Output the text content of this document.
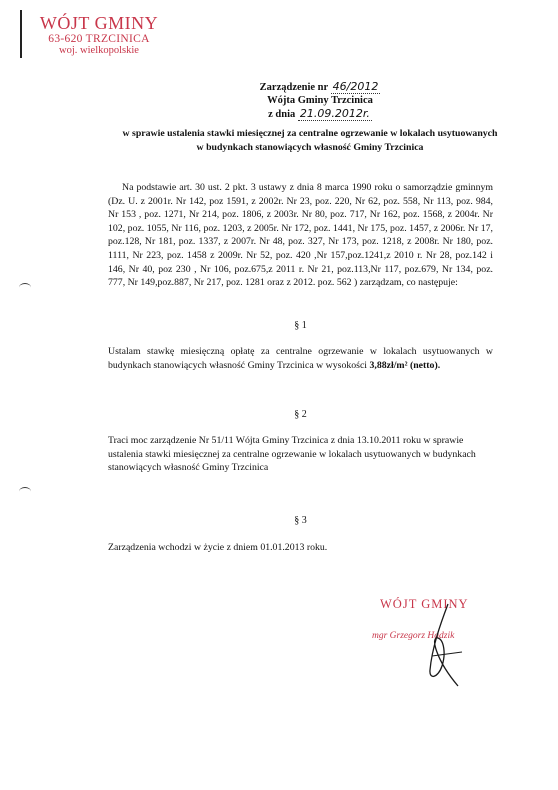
WÓJT GMINY
63-620 TRZCINICA
woj. wielkopolskie
Zarządzenie nr 46/2012
Wójta Gminy Trzcinica
z dnia 21.09.2012r.
w sprawie ustalenia stawki miesięcznej za centralne ogrzewanie w lokalach usytuowanych w budynkach stanowiących własność Gminy Trzcinica
Na podstawie art. 30 ust. 2 pkt. 3 ustawy z dnia 8 marca 1990 roku o samorządzie gminnym (Dz. U. z 2001r. Nr 142, poz 1591, z 2002r. Nr 23, poz. 220, Nr 62, poz. 558, Nr 113, poz. 984, Nr 153 , poz. 1271, Nr 214, poz. 1806, z 2003r. Nr 80, poz. 717, Nr 162, poz. 1568, z 2004r. Nr 102, poz. 1055, Nr 116, poz. 1203, z 2005r. Nr 172, poz. 1441, Nr 175, poz. 1457, z 2006r. Nr 17, poz.128, Nr 181, poz. 1337, z 2007r. Nr 48, poz. 327, Nr 173, poz. 1218, z 2008r. Nr 180, poz. 1111, Nr 223, poz. 1458 z 2009r. Nr 52, poz. 420 ,Nr 157,poz.1241,z 2010 r. Nr 28, poz.142 i 146, Nr 40, poz 230 , Nr 106, poz.675,z 2011 r. Nr 21, poz.113,Nr 117, poz.679, Nr 134, poz. 777, Nr 149,poz.887, Nr 217, poz. 1281 oraz z 2012. poz. 562 ) zarządzam, co następuje:
§ 1
Ustalam stawkę miesięczną opłatę za centralne ogrzewanie w lokalach usytuowanych w budynkach stanowiących własność Gminy Trzcinica w wysokości 3,88zł/m² (netto).
§ 2
Traci moc zarządzenie Nr 51/11 Wójta Gminy Trzcinica z dnia 13.10.2011 roku w sprawie ustalenia stawki miesięcznej za centralne ogrzewanie w lokalach usytuowanych w budynkach stanowiących własność Gminy Trzcinica
§ 3
Zarządzenia wchodzi w życie z dniem 01.01.2013 roku.
WÓJT GMINY
mgr Grzegorz Hadzik
